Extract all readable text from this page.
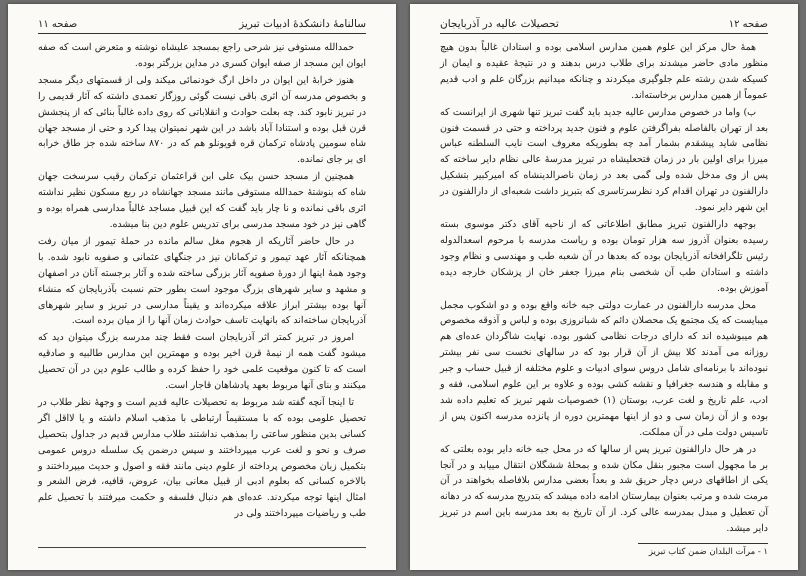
سالنامهٔ دانشکدهٔ ادبیات تبریز
صفحه ۱۱

حمدالله مستوفی نیز شرحی راجع بمسجد علیشاه نوشته و متعرض است که صفه ایوان این مسجد از صفه ایوان کسری در مداین بزرگتر بوده.

هنوز خرابهٔ این ایوان در داخل ارگ خودنمائی میکند ولی از قسمتهای دیگر مسجد و بخصوص مدرسه آن اثری باقی نیست گوئی روزگار تعمدی داشته که آثار قدیمی را در تبریز نابود کند. چه بعلت حوادث و انقلاباتی که روی داده غالباً بنائی که از پنجشش قرن قبل بوده و استنادا آباد باشد در این شهر نمیتوان پیدا کرد و حتی از مسجد جهان شاه سومین پادشاه ترکمان قره قویونلو هم که در ۸۷۰ ساخته شده جز طاق خرابه ای بر جای نمانده.

همچنین از مسجد حسن بیک علی ابن قراعثمان ترکمان رقیب سرسخت جهان شاه که بنوشتهٔ حمدالله مستوفی مانند مسجد جهانشاه در ربع مسکون نظیر نداشته اثری باقی نمانده و نا چار باید گفت که این قبیل مساجد غالباً مدارسی همراه بوده و گاهی نیز در خود مسجد مدرسی برای تدریس علوم دین بنا میشده.

در حال حاضر آثاریکه از هجوم مغل سالم مانده در حملهٔ تیمور از میان رفت همچنانکه آثار عهد تیمور و ترکمانان نیز در جنگهای عثمانی و صفویه نابود شده. با وجود همهٔ اینها از دورهٔ صفویه آثار بزرگی ساخته شده و آثار برجسته آنان در اصفهان و مشهد و سایر شهرهای بزرگ موجود است بطور حتم نسبت بآذربایجان که منشاء آنها بوده بیشتر ابراز علاقه میکرده‌اند و یقیناً مدارسی در تبریز و سایر شهرهای آذربایجان ساخته‌اند که بانهایت تاسف حوادث زمان آنها را از میان برده است.

امروز در تبریز کمتر اثر آذربایجان است فقط چند مدرسه بزرگ میتوان دید که میشود گفت همه از نیمهٔ قرن اخیر بوده و مهمترین این مدارس طالبیه و صادقیه است که تا کنون موقعیت علمی خود را حفظ کرده و طالب علوم دین در آن تحصیل میکنند و بنای آنها مربوط بعهد پادشاهان قاجار است.

تا اینجا آنچه گفته شد مربوط به تحصیلات عالیه قدیم است و وجههٔ نظر طلاب در تحصیل علومی بوده که با مستقیماً ارتباطی با مذهب اسلام داشته و یا لااقل اگر کسانی بدین منظور ساعتی را بمذهب نداشتند طلاب مدارس قدیم در جداول بتحصیل صرف و نحو و لغت عرب میپرداختند و سپس درضمن یک سلسله دروس عمومی بتکمیل زبان مخصوص پرداخته از علوم دینی مانند فقه و اصول و حدیث میپرداختند و بالاخره کسانی که بعلوم ادبی از قبیل معانی بیان، عروض، قافیه، فرض الشعر و امثال اینها توجه میکردند. عده‌ای هم دنبال فلسفه و حکمت میرفتند با تحصیل علم طب و ریاضیات میپرداختند ولی در

صفحه ۱۲
تحصیلات عالیه در آذربایجان

همهٔ حال مرکز این علوم همین مدارس اسلامی بوده و استادان غالباً بدون هیچ منظور مادی حاضر میشدند برای طلاب درس بدهند و در نتیجهٔ عقیده و ایمان از کسیکه شدن رشته علم جلوگیری میکردند و چنانکه میدانیم بزرگان علم و ادب قدیم عموماً از همین مدارس برخاسته‌اند.

ب) واما در خصوص مدارس عالیه جدید باید گفت تبریز تنها شهری از ایرانست که بعد از تهران بالفاصله بفراگرفتن علوم و فنون جدید پرداخته و حتی در قسمت فنون نظامی شاید پیشقدم بشمار آمد چه بطوریکه معروف است نایب السلطنه عباس میرزا برای اولین بار در زمان فتحعلیشاه در تبریز مدرسهٔ عالی نظام دایر ساخته که پس از وی مدخل شده ولی گمی بعد در زمان ناصرالدینشاه که امیرکبیر بتشکیل دارالفنون در تهران اقدام کرد نظرسرتاسری که بتبریز داشت شعبه‌ای از دارالفنون در این شهر دایر نمود.

بوجهه دارالفنون تبریز مطابق اطلاعاتی که از ناحیه آقای دکتر موسوی بسته رسیده بعنوان آذروز سه هزار تومان بوده و ریاست مدرسه با مرحوم اسعدالدوله رئیس تلگرافخانه آذربایجان بوده که بعدها در آن شعبه طب و مهندسی و نظام وجود داشته و استادان طب آن شخصی بنام میرزا جعفر خان از پزشکان خارجه دیده آموزش بوده.

محل مدرسه دارالفنون در عمارت دولتی جبه خانه واقع بوده و دو اشکوب مجمل میبایست که یک مجتمع یک محصلان دائم که شبانروزی بوده و لباس و آذوقه مخصوص هم میبوشیده اند که دارای درجات نظامی کشور بوده. نهایت شاگردان عده‌ای هم روزانه می آمدند کلا بیش از آن قرار بود که در سالهای نخست سی نفر بیشتر نبوده‌اند با برنامه‌ای شامل دروس سوای ادبیات و علوم مختلفه از قبیل حساب و جبر و مقابله و هندسه جغرافیا و نقشه کشی بوده و علاوه بر این علوم اسلامی، فقه و ادب، علم تاریخ و لغت عرب، بوستان (۱) خصوصیات شهر تبریز که تعلیم داده شد بوده و از آن زمان سی و دو از اینها مهمترین دوره از پانزده مدرسه اکنون پس از تاسیس دولت ملی در آن مملکت.

در هر حال دارالفنون تبریز پس از سالها که در محل جبه خانه دایر بوده بعلتی که بر ما مجهول است مجبور بنقل مکان شده و بمحلهٔ ششگلان انتقال مییابد و در آنجا یکی از اطاقهای درس دچار حریق شد و بعداً بعضی مدارس بلافاصله بخواهند در آن مرمت شده و مرتب بعنوان بیمارستان ادامه داده میشد که بتدریج مدرسه که در دهانه آن تعطیل و مبدل بمدرسه عالی کرد. از آن تاریخ به بعد مدرسه باین اسم در تبریز دایر میشد.

۱ - مرآت البلدان ضمن کتاب تبریز
